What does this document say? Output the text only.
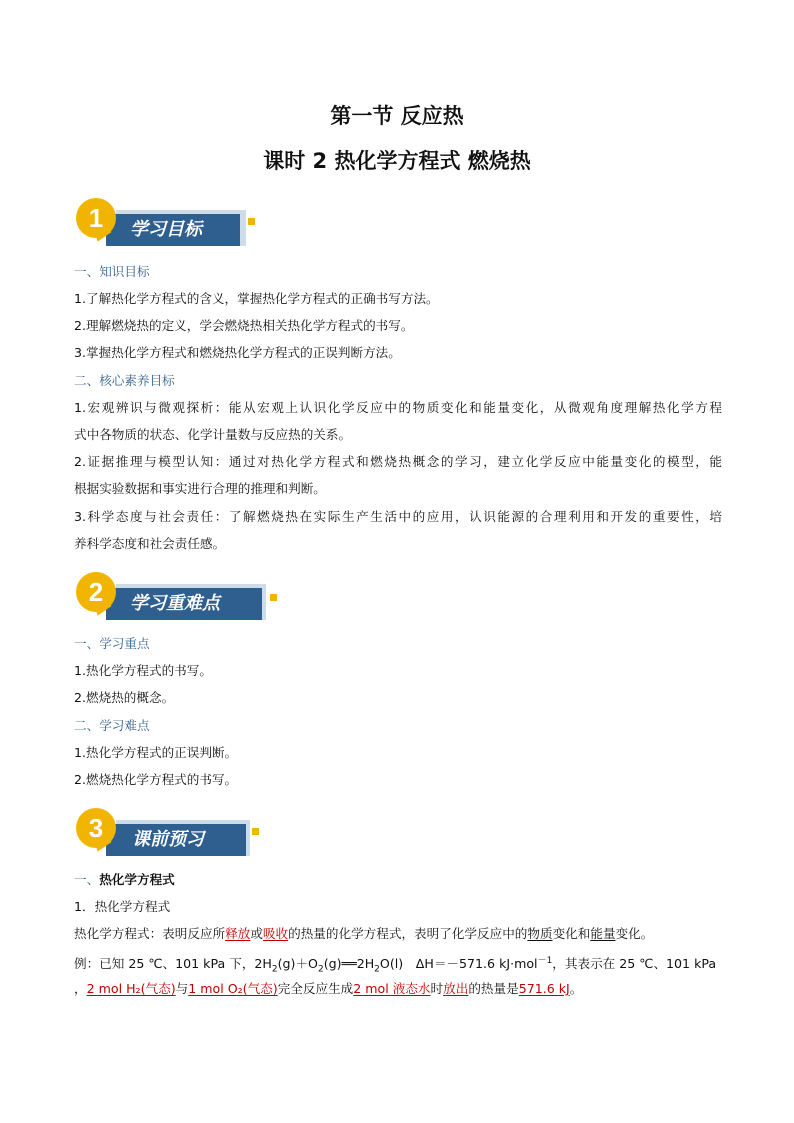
第一节 反应热
课时 2 热化学方程式 燃烧热
1	学习目标
一、知识目标
1.了解热化学方程式的含义，掌握热化学方程式的正确书写方法。
2.理解燃烧热的定义，学会燃烧热相关热化学方程式的书写。
3.掌握热化学方程式和燃烧热化学方程式的正误判断方法。
二、核心素养目标
1.宏观辨识与微观探析：能从宏观上认识化学反应中的物质变化和能量变化，从微观角度理解热化学方程
式中各物质的状态、化学计量数与反应热的关系。
2.证据推理与模型认知：通过对热化学方程式和燃烧热概念的学习，建立化学反应中能量变化的模型，能
根据实验数据和事实进行合理的推理和判断。
3.科学态度与社会责任：了解燃烧热在实际生产生活中的应用，认识能源的合理利用和开发的重要性，培
养科学态度和社会责任感。
2	学习重难点
一、学习重点
1.热化学方程式的书写。
2.燃烧热的概念。
二、学习难点
1.热化学方程式的正误判断。
2.燃烧热化学方程式的书写。
3	课前预习
一、热化学方程式
1．热化学方程式
热化学方程式：表明反应所释放或吸收的热量的化学方程式，表明了化学反应中的物质变化和能量变化。
例：已知 25 ℃、101 kPa 下，$2H_2(g)+O_2(g)══2H_2O(l)$　ΔH＝－571.6 kJ·mol$^{-1}$，其表示在 25 ℃、101 kPa
，2 mol H₂(气态)与1 mol O₂(气态)完全反应生成2 mol 液态水时放出的热量是571.6 kJ。
